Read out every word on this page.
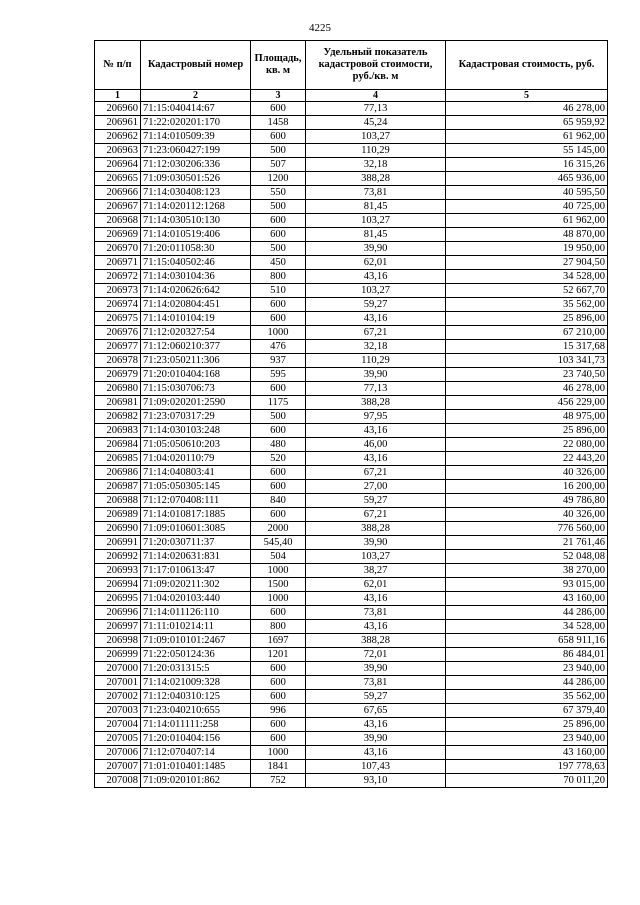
4225
№ п/п	Кадастровый номер	Площадь, кв. м	Удельный показатель кадастровой стоимости, руб./кв. м	Кадастровая стоимость, руб.
1	2	3	4	5
206960	71:15:040414:67	600	77,13	46 278,00
206961	71:22:020201:170	1458	45,24	65 959,92
206962	71:14:010509:39	600	103,27	61 962,00
206963	71:23:060427:199	500	110,29	55 145,00
206964	71:12:030206:336	507	32,18	16 315,26
206965	71:09:030501:526	1200	388,28	465 936,00
206966	71:14:030408:123	550	73,81	40 595,50
206967	71:14:020112:1268	500	81,45	40 725,00
206968	71:14:030510:130	600	103,27	61 962,00
206969	71:14:010519:406	600	81,45	48 870,00
206970	71:20:011058:30	500	39,90	19 950,00
206971	71:15:040502:46	450	62,01	27 904,50
206972	71:14:030104:36	800	43,16	34 528,00
206973	71:14:020626:642	510	103,27	52 667,70
206974	71:14:020804:451	600	59,27	35 562,00
206975	71:14:010104:19	600	43,16	25 896,00
206976	71:12:020327:54	1000	67,21	67 210,00
206977	71:12:060210:377	476	32,18	15 317,68
206978	71:23:050211:306	937	110,29	103 341,73
206979	71:20:010404:168	595	39,90	23 740,50
206980	71:15:030706:73	600	77,13	46 278,00
206981	71:09:020201:2590	1175	388,28	456 229,00
206982	71:23:070317:29	500	97,95	48 975,00
206983	71:14:030103:248	600	43,16	25 896,00
206984	71:05:050610:203	480	46,00	22 080,00
206985	71:04:020110:79	520	43,16	22 443,20
206986	71:14:040803:41	600	67,21	40 326,00
206987	71:05:050305:145	600	27,00	16 200,00
206988	71:12:070408:111	840	59,27	49 786,80
206989	71:14:010817:1885	600	67,21	40 326,00
206990	71:09:010601:3085	2000	388,28	776 560,00
206991	71:20:030711:37	545,40	39,90	21 761,46
206992	71:14:020631:831	504	103,27	52 048,08
206993	71:17:010613:47	1000	38,27	38 270,00
206994	71:09:020211:302	1500	62,01	93 015,00
206995	71:04:020103:440	1000	43,16	43 160,00
206996	71:14:011126:110	600	73,81	44 286,00
206997	71:11:010214:11	800	43,16	34 528,00
206998	71:09:010101:2467	1697	388,28	658 911,16
206999	71:22:050124:36	1201	72,01	86 484,01
207000	71:20:031315:5	600	39,90	23 940,00
207001	71:14:021009:328	600	73,81	44 286,00
207002	71:12:040310:125	600	59,27	35 562,00
207003	71:23:040210:655	996	67,65	67 379,40
207004	71:14:011111:258	600	43,16	25 896,00
207005	71:20:010404:156	600	39,90	23 940,00
207006	71:12:070407:14	1000	43,16	43 160,00
207007	71:01:010401:1485	1841	107,43	197 778,63
207008	71:09:020101:862	752	93,10	70 011,20
